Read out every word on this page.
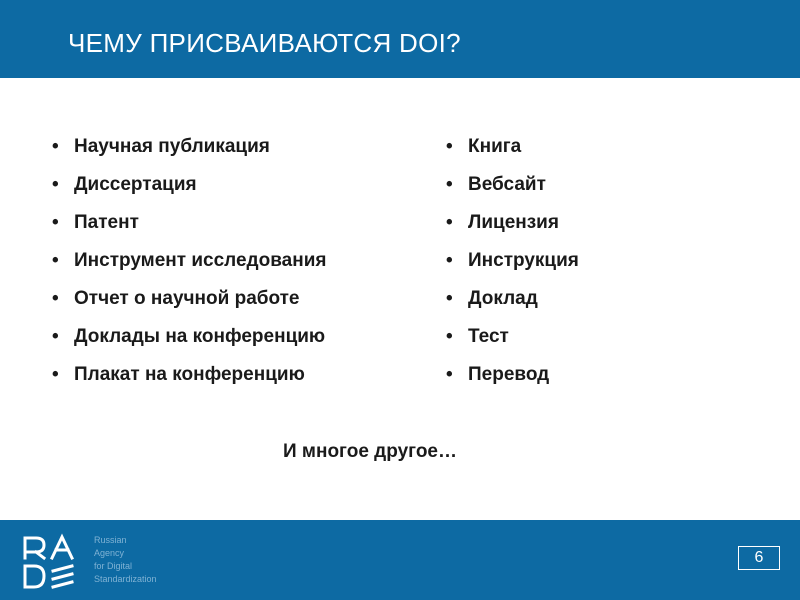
ЧЕМУ ПРИСВАИВАЮТСЯ DOI?
• Научная публикация
• Диссертация
• Патент
• Инструмент исследования
• Отчет о научной работе
• Доклады на конференцию
• Плакат на конференцию
• Книга
• Вебсайт
• Лицензия
• Инструкция
• Доклад
• Тест
• Перевод
И многое другое…
Russian
Agency
for Digital
Standardization
6
